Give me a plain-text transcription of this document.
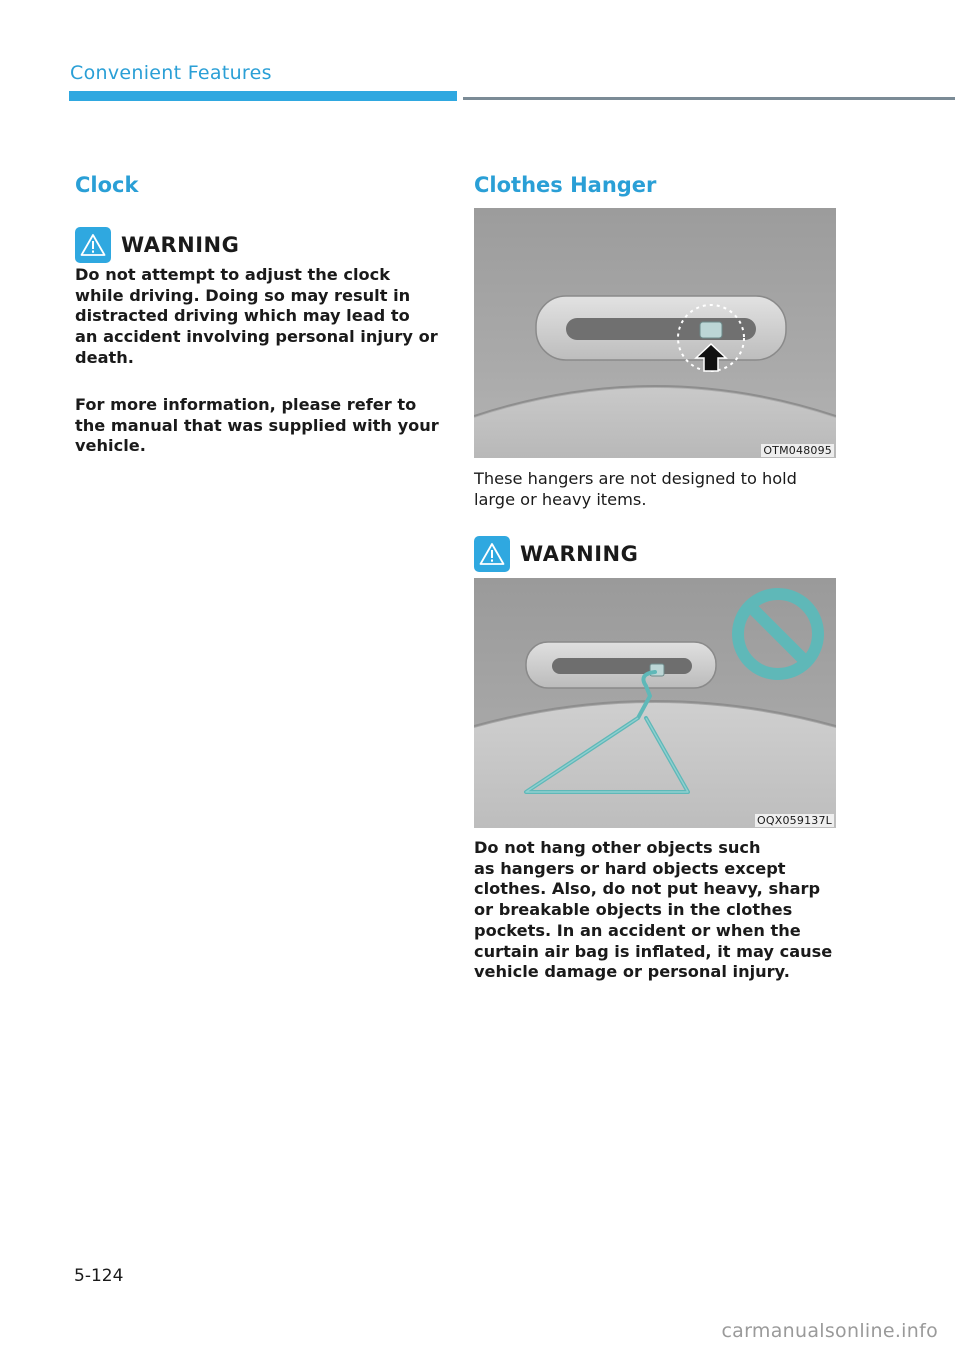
Convenient Features
Clock
WARNING
Do not attempt to adjust the clock
while driving. Doing so may result in
distracted driving which may lead to
an accident involving personal injury or
death.
For more information, please refer to
the manual that was supplied with your
vehicle.
Clothes Hanger
OTM048095
These hangers are not designed to hold
large or heavy items.
WARNING
OQX059137L
Do not hang other objects such
as hangers or hard objects except
clothes. Also, do not put heavy, sharp
or breakable objects in the clothes
pockets. In an accident or when the
curtain air bag is inflated, it may cause
vehicle damage or personal injury.
5-124
carmanualsonline.info
